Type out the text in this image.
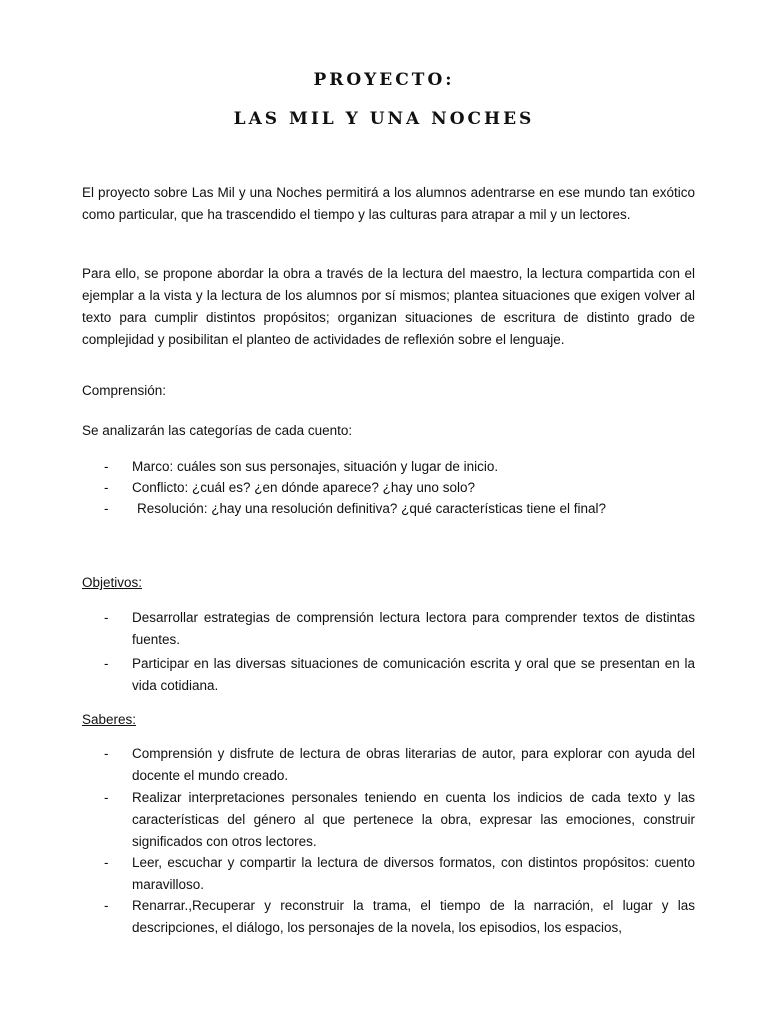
PROYECTO:
LAS MIL Y UNA NOCHES
El proyecto sobre Las Mil y una Noches permitirá a los alumnos adentrarse en ese mundo tan exótico como particular, que ha trascendido el tiempo y las culturas para atrapar a mil y un lectores.
Para ello, se propone abordar la obra a través de la lectura del maestro, la lectura compartida con el ejemplar a la vista y la lectura de los alumnos por sí mismos; plantea situaciones que exigen volver al texto para cumplir distintos propósitos; organizan situaciones de escritura de distinto grado de complejidad y posibilitan el planteo de actividades de reflexión sobre el lenguaje.
Comprensión:
Se analizarán las categorías de cada cuento:
- Marco: cuáles son sus personajes, situación y lugar de inicio.
- Conflicto: ¿cuál es? ¿en dónde aparece? ¿hay uno solo?
- Resolución: ¿hay una resolución definitiva? ¿qué características tiene el final?
Objetivos:
- Desarrollar estrategias de comprensión lectura lectora para comprender textos de distintas fuentes.
- Participar en las diversas situaciones de comunicación escrita y oral que se presentan en la vida cotidiana.
Saberes:
- Comprensión y disfrute de lectura de obras literarias de autor, para explorar con ayuda del docente el mundo creado.
- Realizar interpretaciones personales teniendo en cuenta los indicios de cada texto y las características del género al que pertenece la obra, expresar las emociones, construir significados con otros lectores.
- Leer, escuchar y compartir la lectura de diversos formatos, con distintos propósitos: cuento maravilloso.
- Renarrar.,Recuperar y reconstruir la trama, el tiempo de la narración, el lugar y las descripciones, el diálogo, los personajes de la novela, los episodios, los espacios,
